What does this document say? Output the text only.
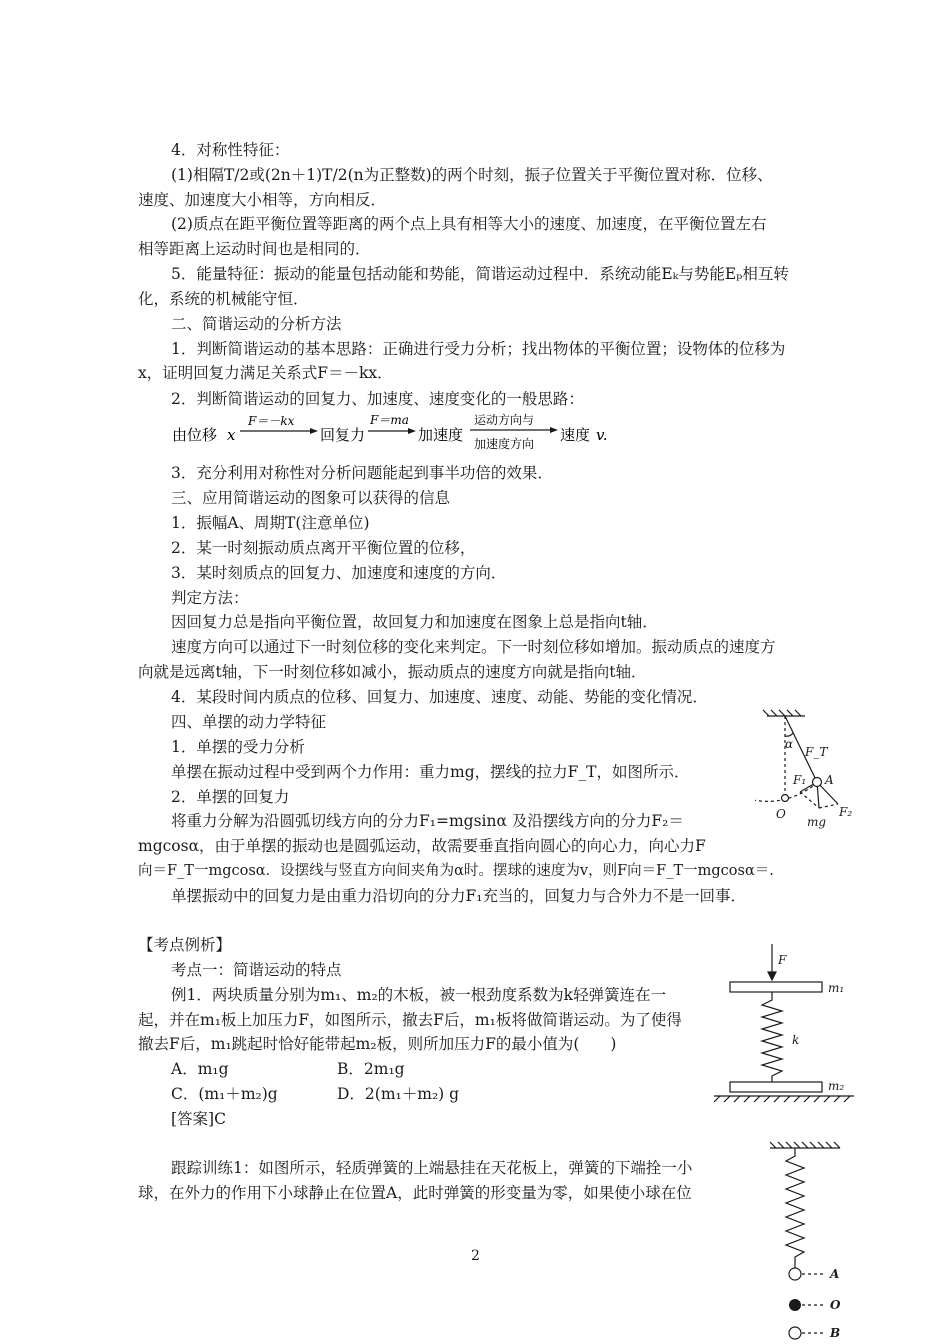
4．对称性特征：
(1)相隔T/2或(2n＋1)T/2(n为正整数)的两个时刻，振子位置关于平衡位置对称．位移、
速度、加速度大小相等，方向相反．
(2)质点在距平衡位置等距离的两个点上具有相等大小的速度、加速度，在平衡位置左右
相等距离上运动时间也是相同的．
5．能量特征：振动的能量包括动能和势能，简谐运动过程中．系统动能Eₖ与势能Eₚ相互转
化，系统的机械能守恒．
二、简谐运动的分析方法
1．判断简谐运动的基本思路：正确进行受力分析；找出物体的平衡位置；设物体的位移为
x，证明回复力满足关系式F＝－kx．
2．判断简谐运动的回复力、加速度、速度变化的一般思路：
由位移 x
F＝－kx
回复力
F＝ma
加速度
运动方向与
加速度方向 速度 v.
3．充分利用对称性对分析问题能起到事半功倍的效果．
三、应用简谐运动的图象可以获得的信息
1．振幅A、周期T(注意单位)
2．某一时刻振动质点离开平衡位置的位移，
3．某时刻质点的回复力、加速度和速度的方向．
判定方法：
因回复力总是指向平衡位置，故回复力和加速度在图象上总是指向t轴．
速度方向可以通过下一时刻位移的变化来判定。下一时刻位移如增加。振动质点的速度方
向就是远离t轴，下一时刻位移如减小，振动质点的速度方向就是指向t轴．
4．某段时间内质点的位移、回复力、加速度、速度、动能、势能的变化情况．
四、单摆的动力学特征
1．单摆的受力分析
单摆在振动过程中受到两个力作用：重力mg，摆线的拉力F_T，如图所示．
2．单摆的回复力
将重力分解为沿圆弧切线方向的分力F₁=mgsinα 及沿摆线方向的分力F₂＝
mgcosα，由于单摆的振动也是圆弧运动，故需要垂直指向圆心的向心力，向心力F
向＝F_T一mgcosα．设摆线与竖直方向间夹角为α时。摆球的速度为v，则F向＝F_T一mgcosα＝.
单摆振动中的回复力是由重力沿切向的分力F₁充当的，回复力与合外力不是一回事．
【考点例析】
考点一：简谐运动的特点
例1．两块质量分别为m₁、m₂的木板，被一根劲度系数为k轻弹簧连在一
起，并在m₁板上加压力F，如图所示，撤去F后，m₁板将做简谐运动。为了使得
撤去F后，m₁跳起时恰好能带起m₂板，则所加压力F的最小值为(　　)
A．m₁g	B．2m₁g
C．(m₁＋m₂)g	D．2(m₁＋m₂) g
[答案]C
跟踪训练1：如图所示，轻质弹簧的上端悬挂在天花板上，弹簧的下端拴一小
球，在外力的作用下小球静止在位置A，此时弹簧的形变量为零，如果使小球在位
2
α
F_T
F₁ A
O
mg
F₂
F
m₁
k
m₂
A
O
B
